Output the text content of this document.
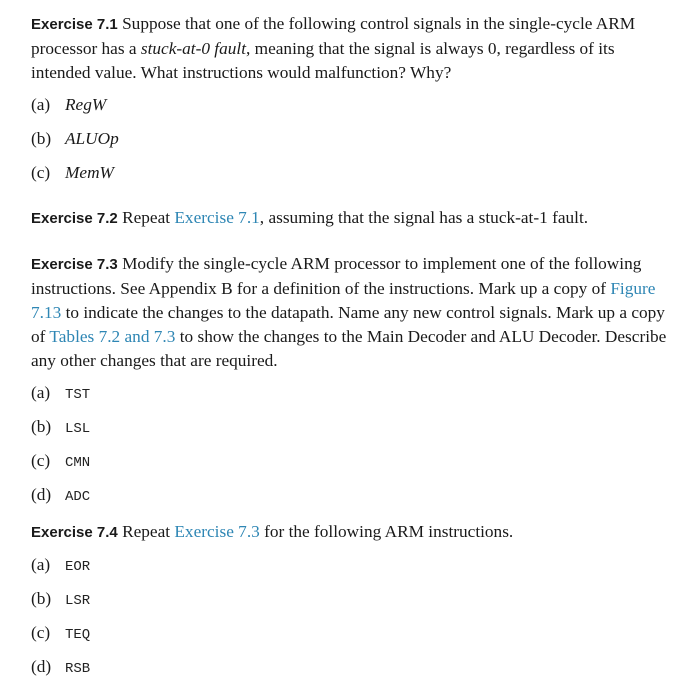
Exercise 7.1 Suppose that one of the following control signals in the single-cycle ARM processor has a stuck-at-0 fault, meaning that the signal is always 0, regardless of its intended value. What instructions would malfunction? Why?

(a) RegW
(b) ALUOp
(c) MemW

Exercise 7.2 Repeat Exercise 7.1, assuming that the signal has a stuck-at-1 fault.

Exercise 7.3 Modify the single-cycle ARM processor to implement one of the following instructions. See Appendix B for a definition of the instructions. Mark up a copy of Figure 7.13 to indicate the changes to the datapath. Name any new control signals. Mark up a copy of Tables 7.2 and 7.3 to show the changes to the Main Decoder and ALU Decoder. Describe any other changes that are required.

(a) TST
(b) LSL
(c) CMN
(d) ADC

Exercise 7.4 Repeat Exercise 7.3 for the following ARM instructions.

(a) EOR
(b) LSR
(c) TEQ
(d) RSB
